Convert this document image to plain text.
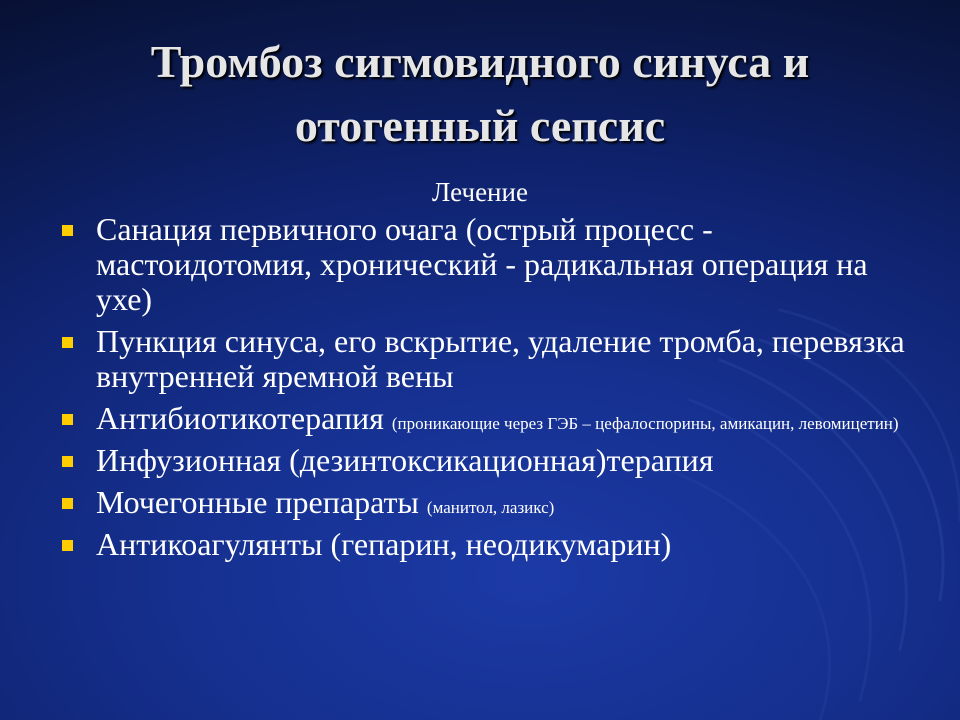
Тромбоз сигмовидного синуса и
отогенный сепсис
Лечение
Санация первичного очага (острый процесс - мастоидотомия, хронический - радикальная операция на ухе)
Пункция синуса, его вскрытие, удаление тромба, перевязка внутренней яремной вены
Антибиотикотерапия (проникающие через ГЭБ – цефалоспорины, амикацин, левомицетин)
Инфузионная (дезинтоксикационная)терапия
Мочегонные препараты (манитол, лазикс)
Антикоагулянты (гепарин, неодикумарин)
